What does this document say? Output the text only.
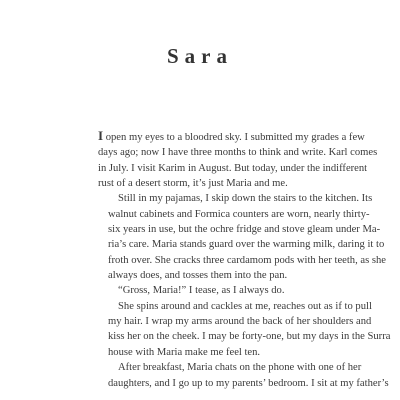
Sara

I open my eyes to a bloodred sky. I submitted my grades a few
days ago; now I have three months to think and write. Karl comes
in July. I visit Karim in August. But today, under the indifferent
rust of a desert storm, it’s just Maria and me.

Still in my pajamas, I skip down the stairs to the kitchen. Its
walnut cabinets and Formica counters are worn, nearly thirty-
six years in use, but the ochre fridge and stove gleam under Ma-
ria’s care. Maria stands guard over the warming milk, daring it to
froth over. She cracks three cardamom pods with her teeth, as she
always does, and tosses them into the pan.

“Gross, Maria!” I tease, as I always do.

She spins around and cackles at me, reaches out as if to pull
my hair. I wrap my arms around the back of her shoulders and
kiss her on the cheek. I may be forty-one, but my days in the Surra
house with Maria make me feel ten.

After breakfast, Maria chats on the phone with one of her
daughters, and I go up to my parents’ bedroom. I sit at my father’s
